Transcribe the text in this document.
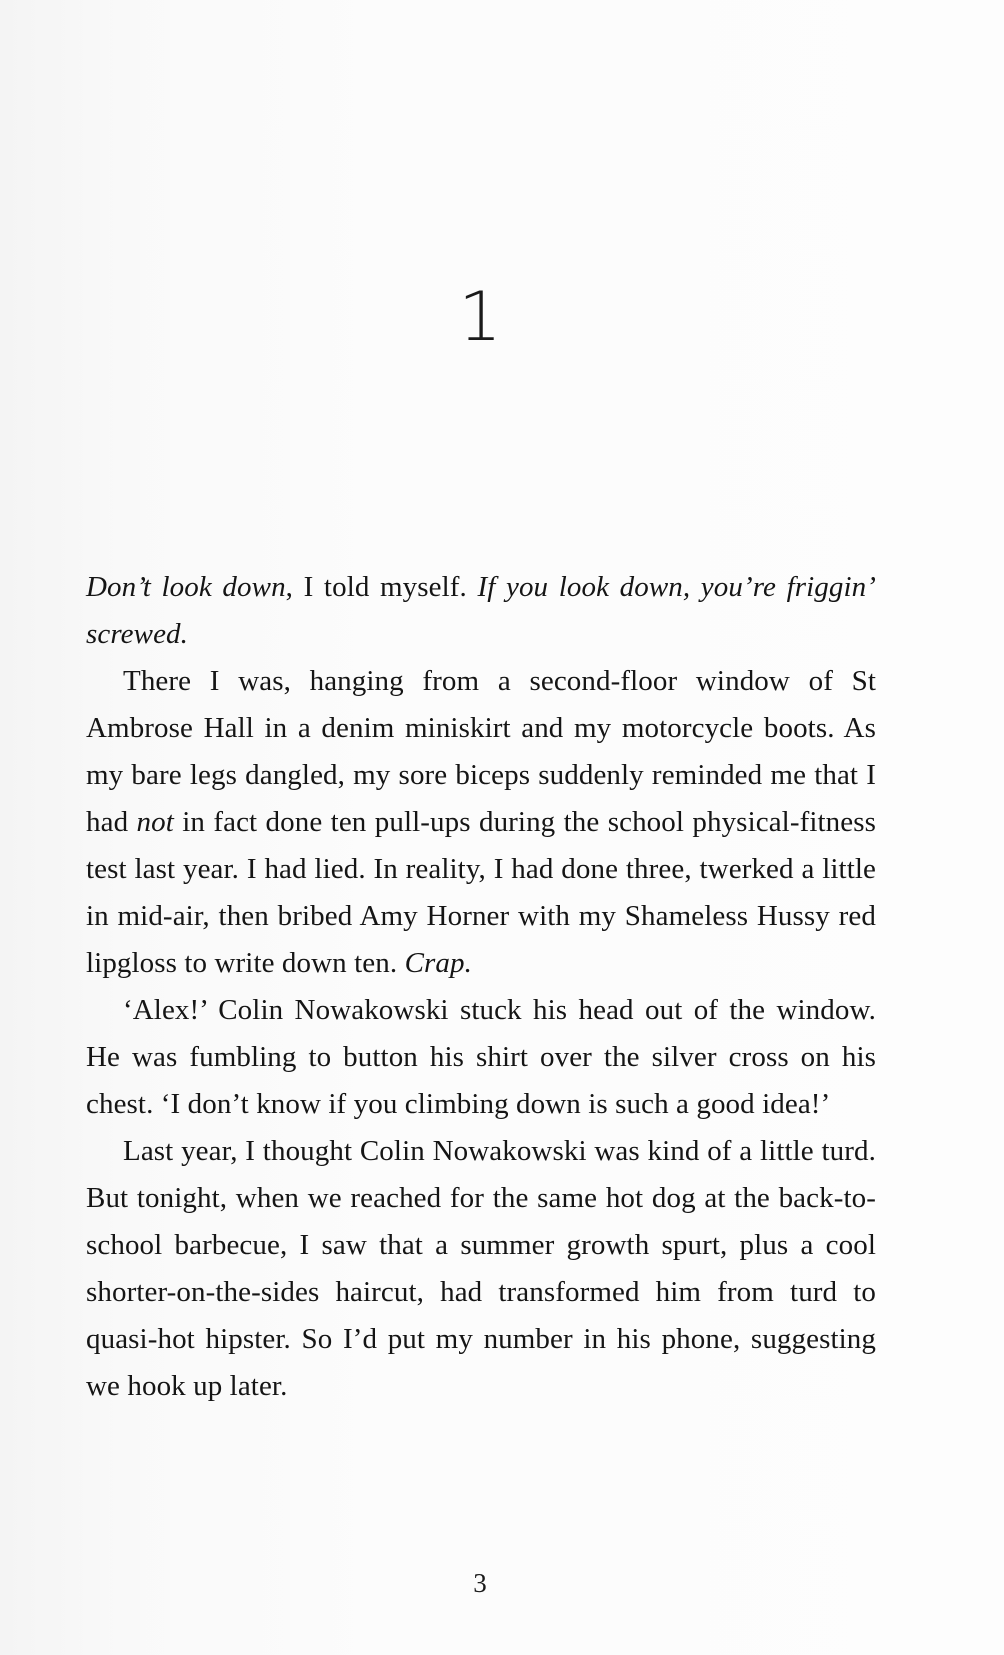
1

Don’t look down, I told myself. If you look down, you’re friggin’ screwed.

There I was, hanging from a second-floor window of St Ambrose Hall in a denim miniskirt and my motorcycle boots. As my bare legs dangled, my sore biceps suddenly reminded me that I had not in fact done ten pull-ups during the school physical-fitness test last year. I had lied. In reality, I had done three, twerked a little in mid-air, then bribed Amy Horner with my Shameless Hussy red lipgloss to write down ten. Crap.

‘Alex!’ Colin Nowakowski stuck his head out of the window. He was fumbling to button his shirt over the silver cross on his chest. ‘I don’t know if you climbing down is such a good idea!’

Last year, I thought Colin Nowakowski was kind of a little turd. But tonight, when we reached for the same hot dog at the back-to-school barbecue, I saw that a summer growth spurt, plus a cool shorter-on-the-sides haircut, had transformed him from turd to quasi-hot hipster. So I’d put my number in his phone, suggesting we hook up later.

3
